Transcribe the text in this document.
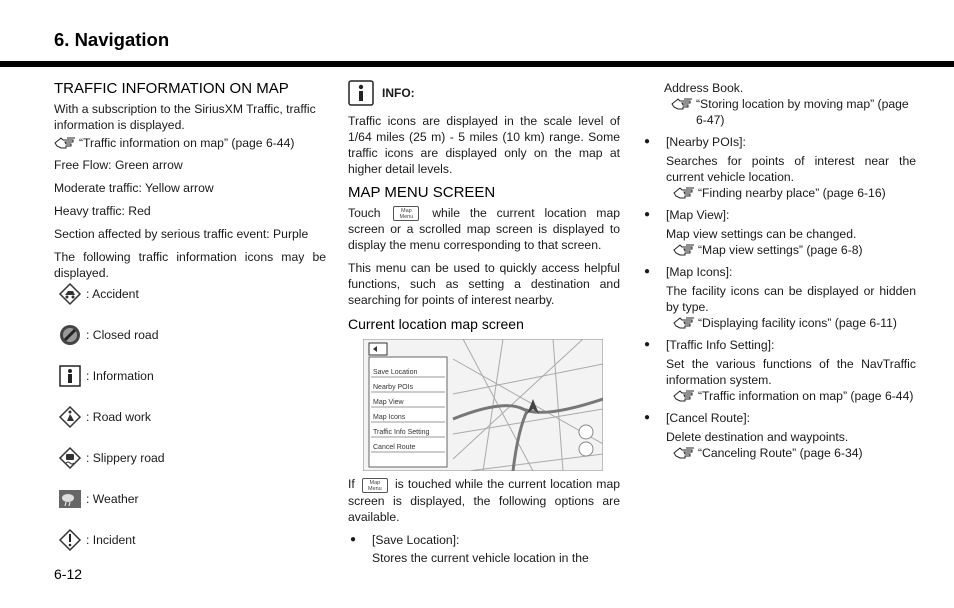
6. Navigation
TRAFFIC INFORMATION ON MAP

With a subscription to the SiriusXM Traffic, traffic information is displayed.

“Traffic information on map” (page 6-44)

Free Flow: Green arrow

Moderate traffic: Yellow arrow

Heavy traffic: Red

Section affected by serious traffic event: Purple

The following traffic information icons may be displayed.

: Accident
: Closed road
: Information
: Road work
: Slippery road
: Weather
: Incident
6-12
INFO:

Traffic icons are displayed in the scale level of 1/64 miles (25 m) - 5 miles (10 km) range. Some traffic icons are displayed only on the map at higher detail levels.

MAP MENU SCREEN

Touch	Map
Menu while the current location map screen or a scrolled map screen is displayed to display the menu corresponding to that screen.

This menu can be used to quickly access helpful functions, such as setting a destination and searching for points of interest nearby.

Current location map screen
Save Location
Nearby POIs
Map View
Map Icons
Traffic Info Setting
Cancel Route

If	Map
Menu is touched while the current location map screen is displayed, the following options are available.

●	[Save Location]:
Stores the current vehicle location in the
Address Book.
“Storing location by moving map” (page 6-47)
●	[Nearby POIs]:
Searches for points of interest near the current vehicle location.
“Finding nearby place” (page 6-16)
●	[Map View]:
Map view settings can be changed.
“Map view settings” (page 6-8)
●	[Map Icons]:
The facility icons can be displayed or hidden by type.
“Displaying facility icons” (page 6-11)
●	[Traffic Info Setting]:
Set the various functions of the NavTraffic information system.
“Traffic information on map” (page 6-44)
●	[Cancel Route]:
Delete destination and waypoints.
“Canceling Route” (page 6-34)
